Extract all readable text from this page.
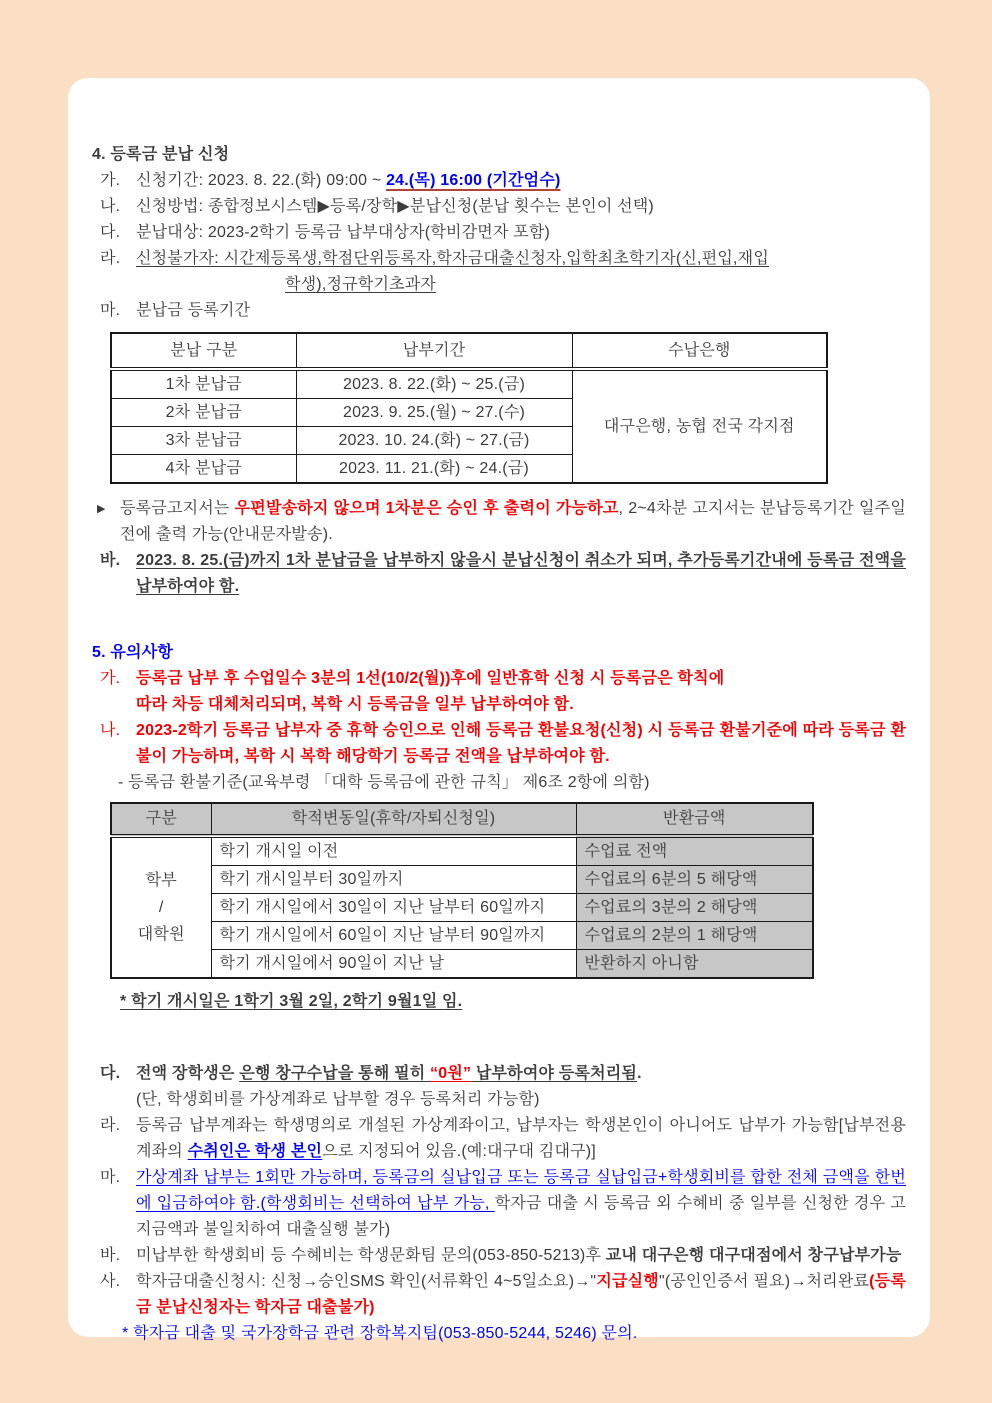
4. 등록금 분납 신청
가. 신청기간: 2023. 8. 22.(화) 09:00 ~ 24.(목) 16:00 (기간엄수)
나. 신청방법: 종합정보시스템▶등록/장학▶분납신청(분납 횟수는 본인이 선택)
다. 분납대상: 2023-2학기 등록금 납부대상자(학비감면자 포함)
라. 신청불가자: 시간제등록생,학점단위등록자,학자금대출신청자,입학최초학기자(신,편입,재입
학생),정규학기초과자
마. 분납금 등록기간
분납 구분	납부기간	수납은행
1차 분납금	2023. 8. 22.(화) ~ 25.(금)	대구은행, 농협 전국 각지점
2차 분납금	2023. 9. 25.(월) ~ 27.(수)	
3차 분납금	2023. 10. 24.(화) ~ 27.(금)	
4차 분납금	2023. 11. 21.(화) ~ 24.(금)	
▶ 등록금고지서는 우편발송하지 않으며 1차분은 승인 후 출력이 가능하고, 2~4차분 고지서는 분납등록기간 일주일 전에 출력 가능(안내문자발송).
바. 2023. 8. 25.(금)까지 1차 분납금을 납부하지 않을시 분납신청이 취소가 되며, 추가등록기간내에 등록금 전액을 납부하여야 함.
5. 유의사항
가. 등록금 납부 후 수업일수 3분의 1선(10/2(월))후에 일반휴학 신청 시 등록금은 학칙에
따라 차등 대체처리되며, 복학 시 등록금을 일부 납부하여야 함.
나. 2023-2학기 등록금 납부자 중 휴학 승인으로 인해 등록금 환불요청(신청) 시 등록금 환불기준에 따라 등록금 환불이 가능하며, 복학 시 복학 해당학기 등록금 전액을 납부하여야 함.
- 등록금 환불기준(교육부령 「대학 등록금에 관한 규칙」 제6조 2항에 의함)
구분	학적변동일(휴학/자퇴신청일)	반환금액

학부
/
대학원	학기 개시일 이전	수업료 전액
	학기 개시일부터 30일까지	수업료의 6분의 5 해당액
	학기 개시일에서 30일이 지난 날부터 60일까지	수업료의 3분의 2 해당액
	학기 개시일에서 60일이 지난 날부터 90일까지	수업료의 2분의 1 해당액
	학기 개시일에서 90일이 지난 날	반환하지 아니함
* 학기 개시일은 1학기 3월 2일, 2학기 9월1일 임.
다. 전액 장학생은 은행 창구수납을 통해 필히 “0원” 납부하여야 등록처리됨.
(단, 학생회비를 가상계좌로 납부할 경우 등록처리 가능함)
라. 등록금 납부계좌는 학생명의로 개설된 가상계좌이고, 납부자는 학생본인이 아니어도 납부가 가능함[납부전용계좌의 수취인은 학생 본인으로 지정되어 있음.(예:대구대 김대구)]
마. 가상계좌 납부는 1회만 가능하며, 등록금의 실납입금 또는 등록금 실납입금+학생회비를 합한 전체 금액을 한번에 입금하여야 함.(학생회비는 선택하여 납부 가능, 학자금 대출 시 등록금 외 수혜비 중 일부를 신청한 경우 고지금액과 불일치하여 대출실행 불가)
바. 미납부한 학생회비 등 수혜비는 학생문화팀 문의(053-850-5213)후 교내 대구은행 대구대점에서 창구납부가능
사. 학자금대출신청시: 신청→승인SMS 확인(서류확인 4~5일소요)→"지급실행"(공인인증서 필요)→처리완료(등록금 분납신청자는 학자금 대출불가)
* 학자금 대출 및 국가장학금 관련 장학복지팀(053-850-5244, 5246) 문의.
